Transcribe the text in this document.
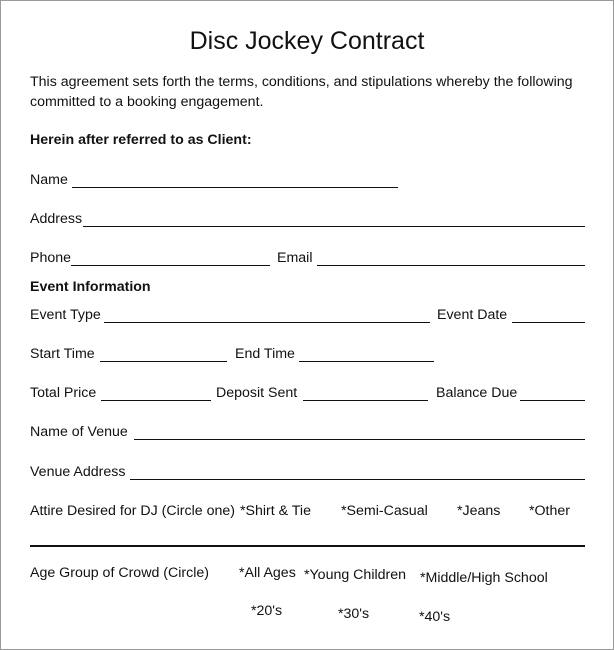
Disc Jockey Contract
This agreement sets forth the terms, conditions, and stipulations whereby the following committed to a booking engagement.
Herein after referred to as Client:
Name
Address
Phone	Email
Event Information
Event Type	Event Date
Start Time	End Time
Total Price	Deposit Sent	Balance Due
Name of Venue
Venue Address
Attire Desired for DJ (Circle one) *Shirt & Tie *Semi-Casual *Jeans *Other
Age Group of Crowd (Circle) *All Ages *Young Children *Middle/High School
*20's	*30's	*40's
